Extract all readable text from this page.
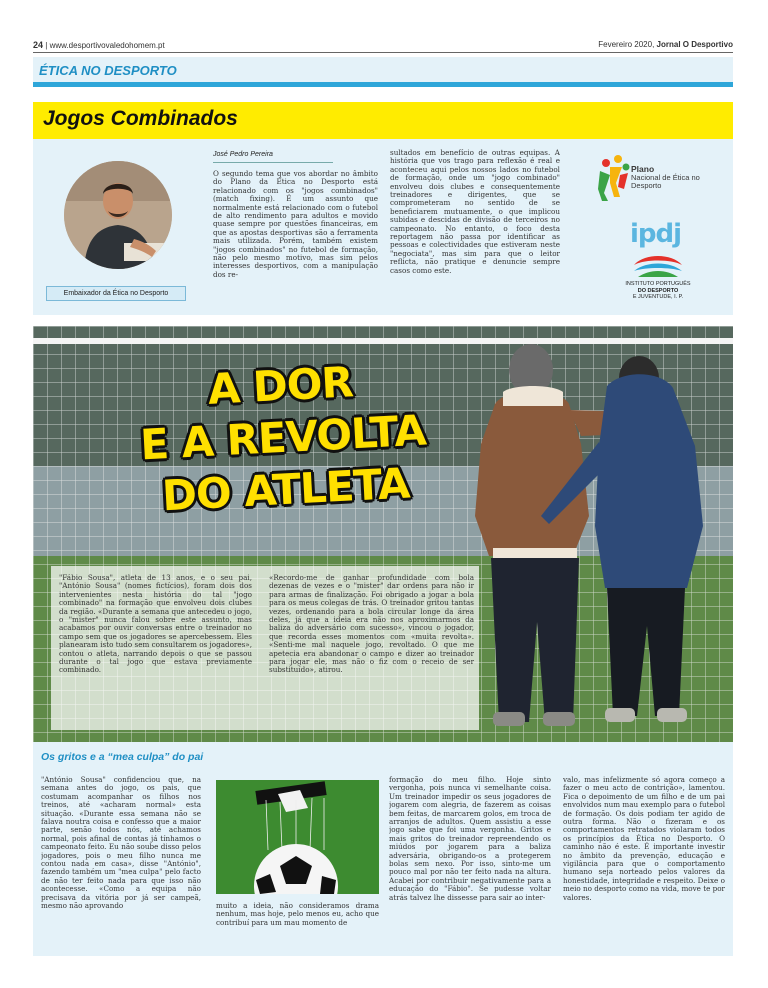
24 | www.desportivovaledohomem.pt	Fevereiro 2020, Jornal O Desportivo
ÉTICA NO DESPORTO
Jogos Combinados
Embaixador da Ética no Desporto
José Pedro Pereira
O segundo tema que vos abordar no âmbito do Plano da Ética no Desporto está relacionado com os "jogos combinados" (match fixing). É um assunto que normalmente está relacionado com o futebol de alto rendimento para adultos e movido quase sempre por questões financeiras, em que as apostas desportivas são a ferramenta mais utilizada. Porém, também existem "jogos combinados" no futebol de formação, não pelo mesmo motivo, mas sim pelos interesses desportivos, com a manipulação dos re-
sultados em benefício de outras equipas. A história que vos trago para reflexão é real e aconteceu aqui pelos nossos lados no futebol de formação, onde um "jogo combinado" envolveu dois clubes e consequentemente treinadores e dirigentes, que se comprometeram no sentido de se beneficiarem mutuamente, o que implicou subidas e descidas de divisão de terceiros no campeonato. No entanto, o foco desta reportagem não passa por identificar as pessoas e colectividades que estiveram neste "negociata", mas sim para que o leitor reflicta, não pratique e denuncie sempre casos como este.
Plano
Nacional de Ética no
Desporto
ipdj
INSTITUTO PORTUGUÊS
DO DESPORTO
E JUVENTUDE, I. P.
A DOR
E A REVOLTA
DO ATLETA
"Fábio Sousa", atleta de 13 anos, e o seu pai, "António Sousa" (nomes fictícios), foram dois dos intervenientes nesta história do tal "jogo combinado" na formação que envolveu dois clubes da região. «Durante a semana que antecedeu o jogo, o "mister" nunca falou sobre este assunto, mas acabamos por ouvir conversas entre o treinador no campo sem que os jogadores se apercebessem. Eles planearam isto tudo sem consultarem os jogadores», contou o atleta, narrando depois o que se passou durante o tal jogo que estava previamente combinado.
«Recordo-me de ganhar profundidade com bola dezenas de vezes e o "mister" dar ordens para não ir para armas de finalização. Foi obrigado a jogar a bola para os meus colegas de trás. O treinador gritou tantas vezes, ordenando para a bola circular longe da área deles, já que a ideia era não nos aproximarmos da baliza do adversário com sucesso», vincou o jogador, que recorda esses momentos com «muita revolta». «Senti-me mal naquele jogo, revoltado. O que me apetecia era abandonar o campo e dizer ao treinador para jogar ele, mas não o fiz com o receio de ser substituído», atirou.
Os gritos e a “mea culpa” do pai
"António Sousa" confidenciou que, na semana antes do jogo, os pais, que costumam acompanhar os filhos nos treinos, até «acharam normal» esta situação. «Durante essa semana não se falava noutra coisa e confesso que a maior parte, senão todos nós, até achamos normal, pois afinal de contas já tínhamos o campeonato feito. Eu não soube disso pelos jogadores, pois o meu filho nunca me contou nada em casa», disse "António", fazendo também um "mea culpa" pelo facto de não ter feito nada para que isso não acontecesse. «Como a equipa não precisava da vitória por já ser campeã, mesmo não aprovando	muito a ideia, não consideramos drama nenhum, mas hoje, pelo menos eu, acho que contribuí para um mau momento de
formação do meu filho. Hoje sinto vergonha, pois nunca vi semelhante coisa. Um treinador impedir os seus jogadores de jogarem com alegria, de fazerem as coisas bem feitas, de marcarem golos, em troca de arranjos de adultos. Quem assistiu a esse jogo sabe que foi uma vergonha. Gritos e mais gritos do treinador repreendendo os miúdos por jogarem para a baliza adversária, obrigando-os a protegerem bolas sem nexo. Por isso, sinto-me um pouco mal por não ter feito nada na altura. Acabei por contribuir negativamente para a educação do "Fábio". Se pudesse voltar atrás talvez lhe dissesse para sair ao inter-
valo, mas infelizmente só agora começo a fazer o meu acto de contrição», lamentou. Fica o depoimento de um filho e de um pai envolvidos num mau exemplo para o futebol de formação. Os dois podiam ter agido de outra forma. Não o fizeram e os comportamentos retratados violaram todos os princípios da Ética no Desporto. O caminho não é este. É importante investir no âmbito da prevenção, educação e vigilância para que o comportamento humano seja norteado pelos valores da honestidade, integridade e respeito. Deixe o meio no desporto como na vida, move te por valores.
